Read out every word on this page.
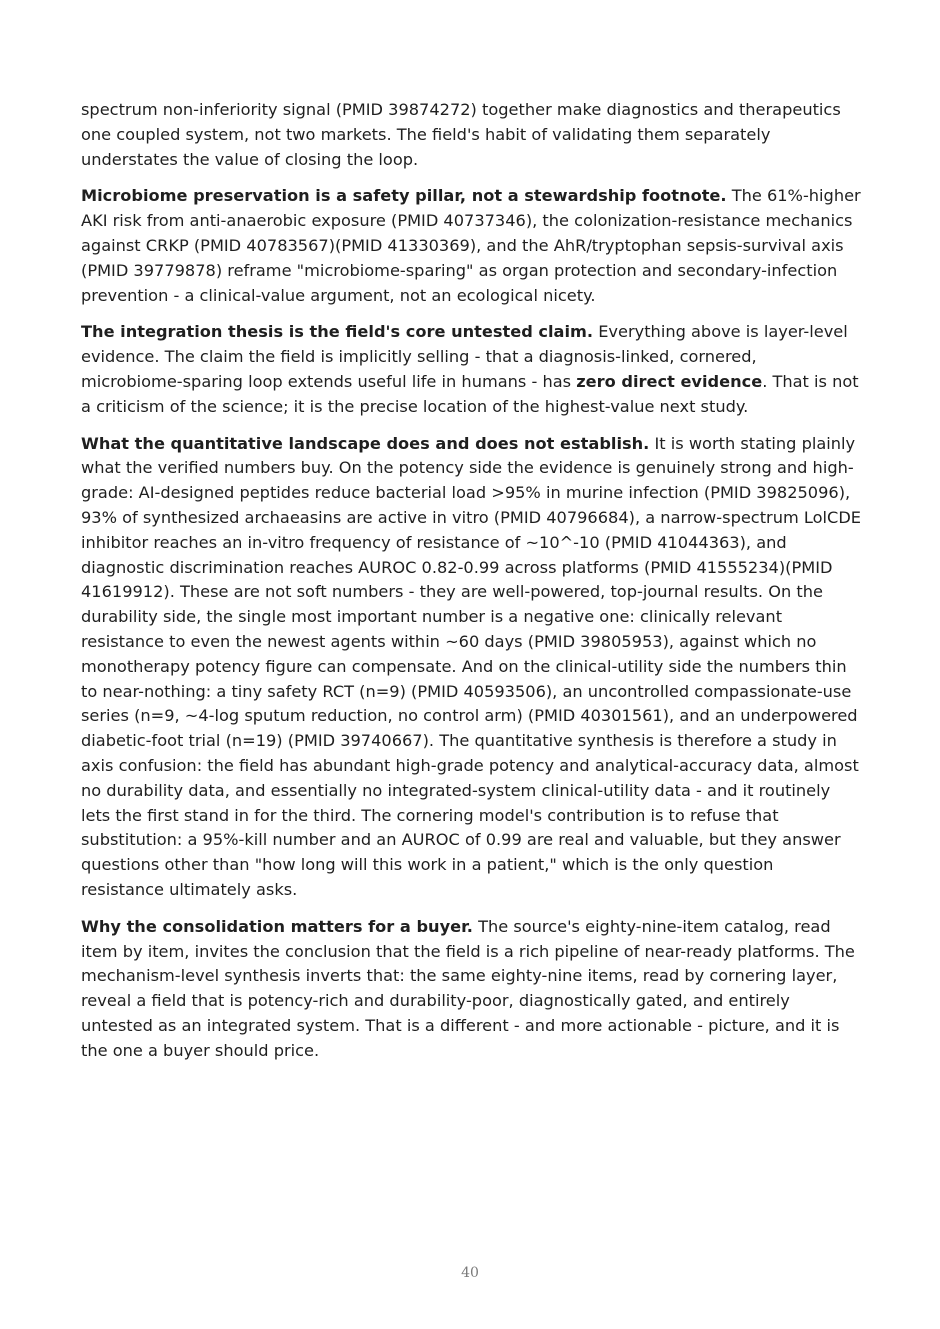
spectrum non-inferiority signal (PMID 39874272) together make diagnostics and therapeutics one coupled system, not two markets. The field's habit of validating them separately understates the value of closing the loop.

Microbiome preservation is a safety pillar, not a stewardship footnote. The 61%-higher AKI risk from anti-anaerobic exposure (PMID 40737346), the colonization-resistance mechanics against CRKP (PMID 40783567)(PMID 41330369), and the AhR/tryptophan sepsis-survival axis (PMID 39779878) reframe "microbiome-sparing" as organ protection and secondary-infection prevention - a clinical-value argument, not an ecological nicety.

The integration thesis is the field's core untested claim. Everything above is layer-level evidence. The claim the field is implicitly selling - that a diagnosis-linked, cornered, microbiome-sparing loop extends useful life in humans - has zero direct evidence. That is not a criticism of the science; it is the precise location of the highest-value next study.

What the quantitative landscape does and does not establish. It is worth stating plainly what the verified numbers buy. On the potency side the evidence is genuinely strong and high-grade: AI-designed peptides reduce bacterial load >95% in murine infection (PMID 39825096), 93% of synthesized archaeasins are active in vitro (PMID 40796684), a narrow-spectrum LolCDE inhibitor reaches an in-vitro frequency of resistance of ~10^-10 (PMID 41044363), and diagnostic discrimination reaches AUROC 0.82-0.99 across platforms (PMID 41555234)(PMID 41619912). These are not soft numbers - they are well-powered, top-journal results. On the durability side, the single most important number is a negative one: clinically relevant resistance to even the newest agents within ~60 days (PMID 39805953), against which no monotherapy potency figure can compensate. And on the clinical-utility side the numbers thin to near-nothing: a tiny safety RCT (n=9) (PMID 40593506), an uncontrolled compassionate-use series (n=9, ~4-log sputum reduction, no control arm) (PMID 40301561), and an underpowered diabetic-foot trial (n=19) (PMID 39740667). The quantitative synthesis is therefore a study in axis confusion: the field has abundant high-grade potency and analytical-accuracy data, almost no durability data, and essentially no integrated-system clinical-utility data - and it routinely lets the first stand in for the third. The cornering model's contribution is to refuse that substitution: a 95%-kill number and an AUROC of 0.99 are real and valuable, but they answer questions other than "how long will this work in a patient," which is the only question resistance ultimately asks.

Why the consolidation matters for a buyer. The source's eighty-nine-item catalog, read item by item, invites the conclusion that the field is a rich pipeline of near-ready platforms. The mechanism-level synthesis inverts that: the same eighty-nine items, read by cornering layer, reveal a field that is potency-rich and durability-poor, diagnostically gated, and entirely untested as an integrated system. That is a different - and more actionable - picture, and it is the one a buyer should price.

40
